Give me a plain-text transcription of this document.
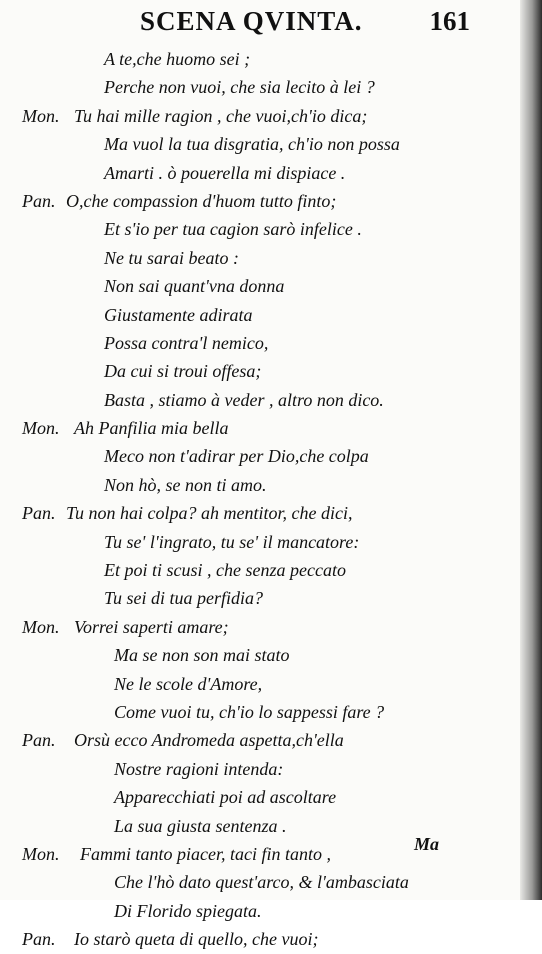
SCENA QVINTA. 161
A te,che huomo sei ;
Perche non vuoi, che sia lecito à lei ?
Mon. Tu hai mille ragion , che vuoi,ch'io dica;
Ma vuol la tua disgratia, ch'io non possa
Amarti . ò pouerella mi dispiace .
Pan. O,che compassion d'huom tutto finto;
Et s'io per tua cagion sarò infelice .
Ne tu sarai beato :
Non sai quant'vna donna
Giustamente adirata
Possa contra'l nemico,
Da cui si troui offesa;
Basta , stiamo à veder , altro non dico.
Mon. Ah Panfilia mia bella
Meco non t'adirar per Dio,che colpa
Non hò, se non ti amo.
Pan. Tu non hai colpa? ah mentitor, che dici,
Tu se' l'ingrato, tu se' il mancatore:
Et poi ti scusi , che senza peccato
Tu sei di tua perfidia?
Mon. Vorrei saperti amare;
Ma se non son mai stato
Ne le scole d'Amore,
Come vuoi tu, ch'io lo sappessi fare ?
Pan. Orsù ecco Andromeda aspetta,ch'ella
Nostre ragioni intenda:
Apparecchiati poi ad ascoltare
La sua giusta sentenza .
Mon. Fammi tanto piacer, taci fin tanto ,
Che l'hò dato quest'arco, & l'ambasciata
Di Florido spiegata.
Pan. Io starò queta di quello, che vuoi;
Ma
